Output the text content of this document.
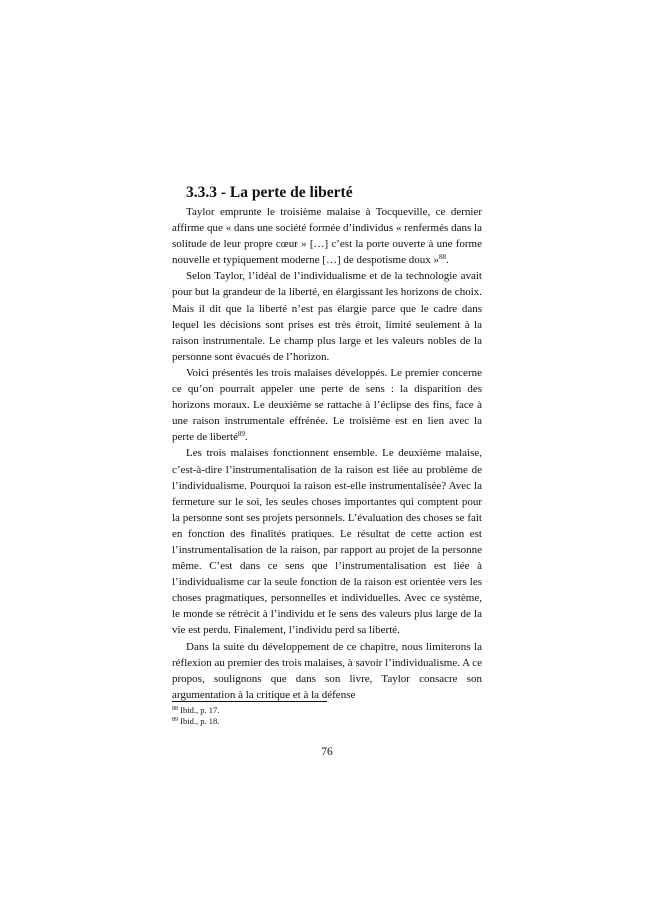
3.3.3 - La perte de liberté

Taylor emprunte le troisième malaise à Tocqueville, ce dernier affirme que « dans une société formée d’individus « renfermés dans la solitude de leur propre cœur » […] c’est la porte ouverte à une forme nouvelle et typiquement moderne […] de despotisme doux »$^{88}$.

Selon Taylor, l’idéal de l’individualisme et de la technologie avait pour but la grandeur de la liberté, en élargissant les horizons de choix. Mais il dit que la liberté n’est pas élargie parce que le cadre dans lequel les décisions sont prises est très étroit, limité seulement à la raison instrumentale. Le champ plus large et les valeurs nobles de la personne sont évacués de l’horizon.

Voici présentés les trois malaises développés. Le premier concerne ce qu’on pourrait appeler une perte de sens : la disparition des horizons moraux. Le deuxième se rattache à l’éclipse des fins, face à une raison instrumentale effrénée. Le troisième est en lien avec la perte de liberté$^{89}$.

Les trois malaises fonctionnent ensemble. Le deuxième malaise, c’est-à-dire l’instrumentalisation de la raison est liée au problème de l’individualisme. Pourquoi la raison est-elle instrumentalisée? Avec la fermeture sur le soi, les seules choses importantes qui comptent pour la personne sont ses projets personnels. L’évaluation des choses se fait en fonction des finalités pratiques. Le résultat de cette action est l’instrumentalisation de la raison, par rapport au projet de la personne même. C’est dans ce sens que l’instrumentalisation est liée à l’individualisme car la seule fonction de la raison est orientée vers les choses pragmatiques, personnelles et individuelles. Avec ce système, le monde se rétrécit à l’individu et le sens des valeurs plus large de la vie est perdu. Finalement, l’individu perd sa liberté.

Dans la suite du développement de ce chapitre, nous limiterons la réflexion au premier des trois malaises, à savoir l’individualisme. A ce propos, soulignons que dans son livre, Taylor consacre son argumentation à la critique et à la défense

$^{88}$ Ibid., p. 17.
$^{89}$ Ibid., p. 18.
76
